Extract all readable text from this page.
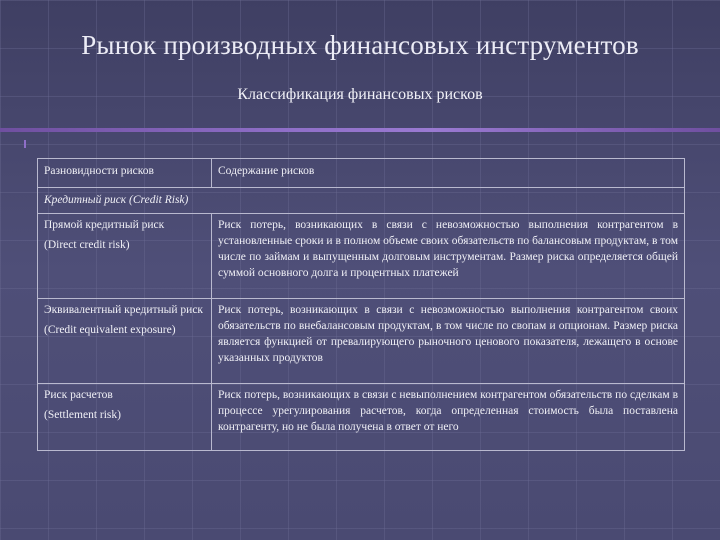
Рынок производных финансовых инструментов
Классификация финансовых рисков
Разновидности рисков	Содержание рисков
Кредитный риск (Credit Risk)	
Прямой кредитный риск
(Direct credit risk)	Риск потерь, возникающих в связи с невозможностью выполнения контрагентом в установленные сроки и в полном объеме своих обязательств по балансовым продуктам, в том числе по займам и выпущенным долговым инструментам. Размер риска определяется общей суммой основного долга и процентных платежей
Эквивалентный кредитный риск
(Credit equivalent exposure)	Риск потерь, возникающих в связи с невозможностью выполнения контрагентом своих обязательств по внебалансовым продуктам, в том числе по свопам и опционам. Размер риска является функцией от превалирующего рыночного ценового показателя, лежащего в основе указанных продуктов
Риск расчетов
(Settlement risk)	Риск потерь, возникающих в связи с невыполнением контрагентом обязательств по сделкам в процессе урегулирования расчетов, когда определенная стоимость была поставлена контрагенту, но не была получена в ответ от него
